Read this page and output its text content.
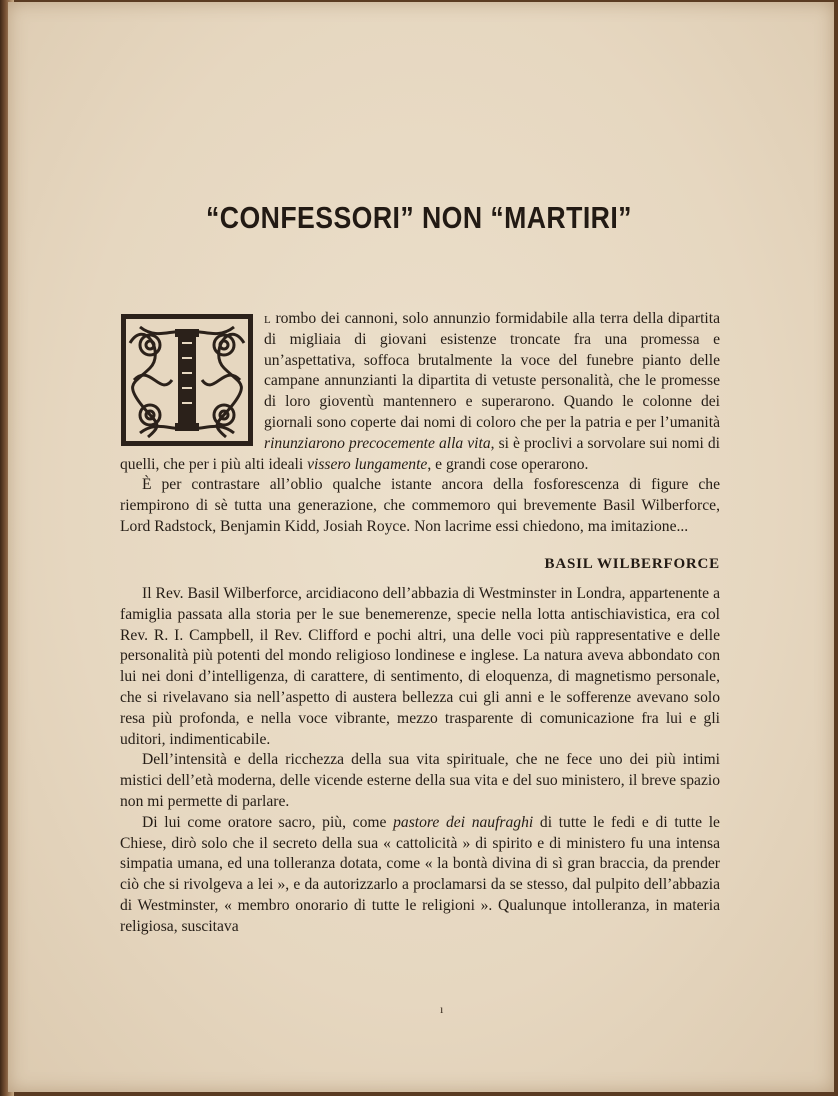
“CONFESSORI” NON “MARTIRI”

l rombo dei cannoni, solo annunzio formidabile alla terra della dipartita di migliaia di giovani esistenze troncate fra una promessa e un’aspettativa, soffoca brutalmente la voce del funebre pianto delle campane annunzianti la dipartita di vetuste personalità, che le promesse di loro gioventù mantennero e superarono. Quando le colonne dei giornali sono coperte dai nomi di coloro che per la patria e per l’umanità rinunziarono precocemente alla vita, si è proclivi a sorvolare sui nomi di quelli, che per i più alti ideali vissero lungamente, e grandi cose operarono.

È per contrastare all’oblio qualche istante ancora della fosforescenza di figure che riempirono di sè tutta una generazione, che commemoro qui brevemente Basil Wilberforce, Lord Radstock, Benjamin Kidd, Josiah Royce. Non lacrime essi chiedono, ma imitazione...

BASIL WILBERFORCE

Il Rev. Basil Wilberforce, arcidiacono dell’abbazia di Westminster in Londra, appartenente a famiglia passata alla storia per le sue benemerenze, specie nella lotta antischiavistica, era col Rev. R. I. Campbell, il Rev. Clifford e pochi altri, una delle voci più rappresentative e delle personalità più potenti del mondo religioso londinese e inglese. La natura aveva abbondato con lui nei doni d’intelligenza, di carattere, di sentimento, di eloquenza, di magnetismo personale, che si rivelavano sia nell’aspetto di austera bellezza cui gli anni e le sofferenze avevano solo resa più profonda, e nella voce vibrante, mezzo trasparente di comunicazione fra lui e gli uditori, indimenticabile.

Dell’intensità e della ricchezza della sua vita spirituale, che ne fece uno dei più intimi mistici dell’età moderna, delle vicende esterne della sua vita e del suo ministero, il breve spazio non mi permette di parlare.

Di lui come oratore sacro, più, come pastore dei naufraghi di tutte le fedi e di tutte le Chiese, dirò solo che il secreto della sua « cattolicità » di spirito e di ministero fu una intensa simpatia umana, ed una tolleranza dotata, come « la bontà divina di sì gran braccia, da prender ciò che si rivolgeva a lei », e da autorizzarlo a proclamarsi da se stesso, dal pulpito dell’abbazia di Westminster, « membro onorario di tutte le religioni ». Qualunque intolleranza, in materia religiosa, suscitava

ı
